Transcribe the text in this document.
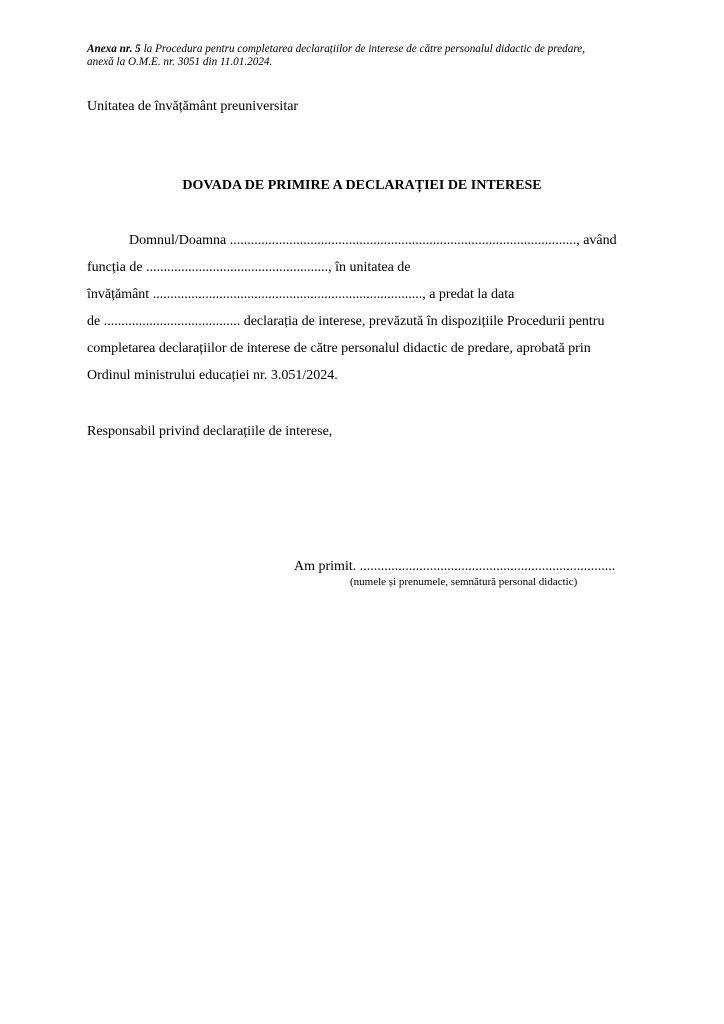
Anexa nr. 5 la Procedura pentru completarea declarațiilor de interese de către personalul didactic de predare,
anexă la O.M.E. nr. 3051 din 11.01.2024.
Unitatea de învățământ preuniversitar
DOVADA DE PRIMIRE A DECLARAȚIEI DE INTERESE
Domnul/Doamna ..................................................................................................., având
funcția de ...................................................., în unitatea de
învățământ ............................................................................., a predat la data
de ....................................... declarația de interese, prevăzută în dispozițiile Procedurii pentru
completarea declarațiilor de interese de către personalul didactic de predare, aprobată prin
Ordinul ministrului educației nr. 3.051/2024.
Responsabil privind declarațiile de interese,
Am primit. .........................................................................
(numele și prenumele, semnătură personal didactic)
